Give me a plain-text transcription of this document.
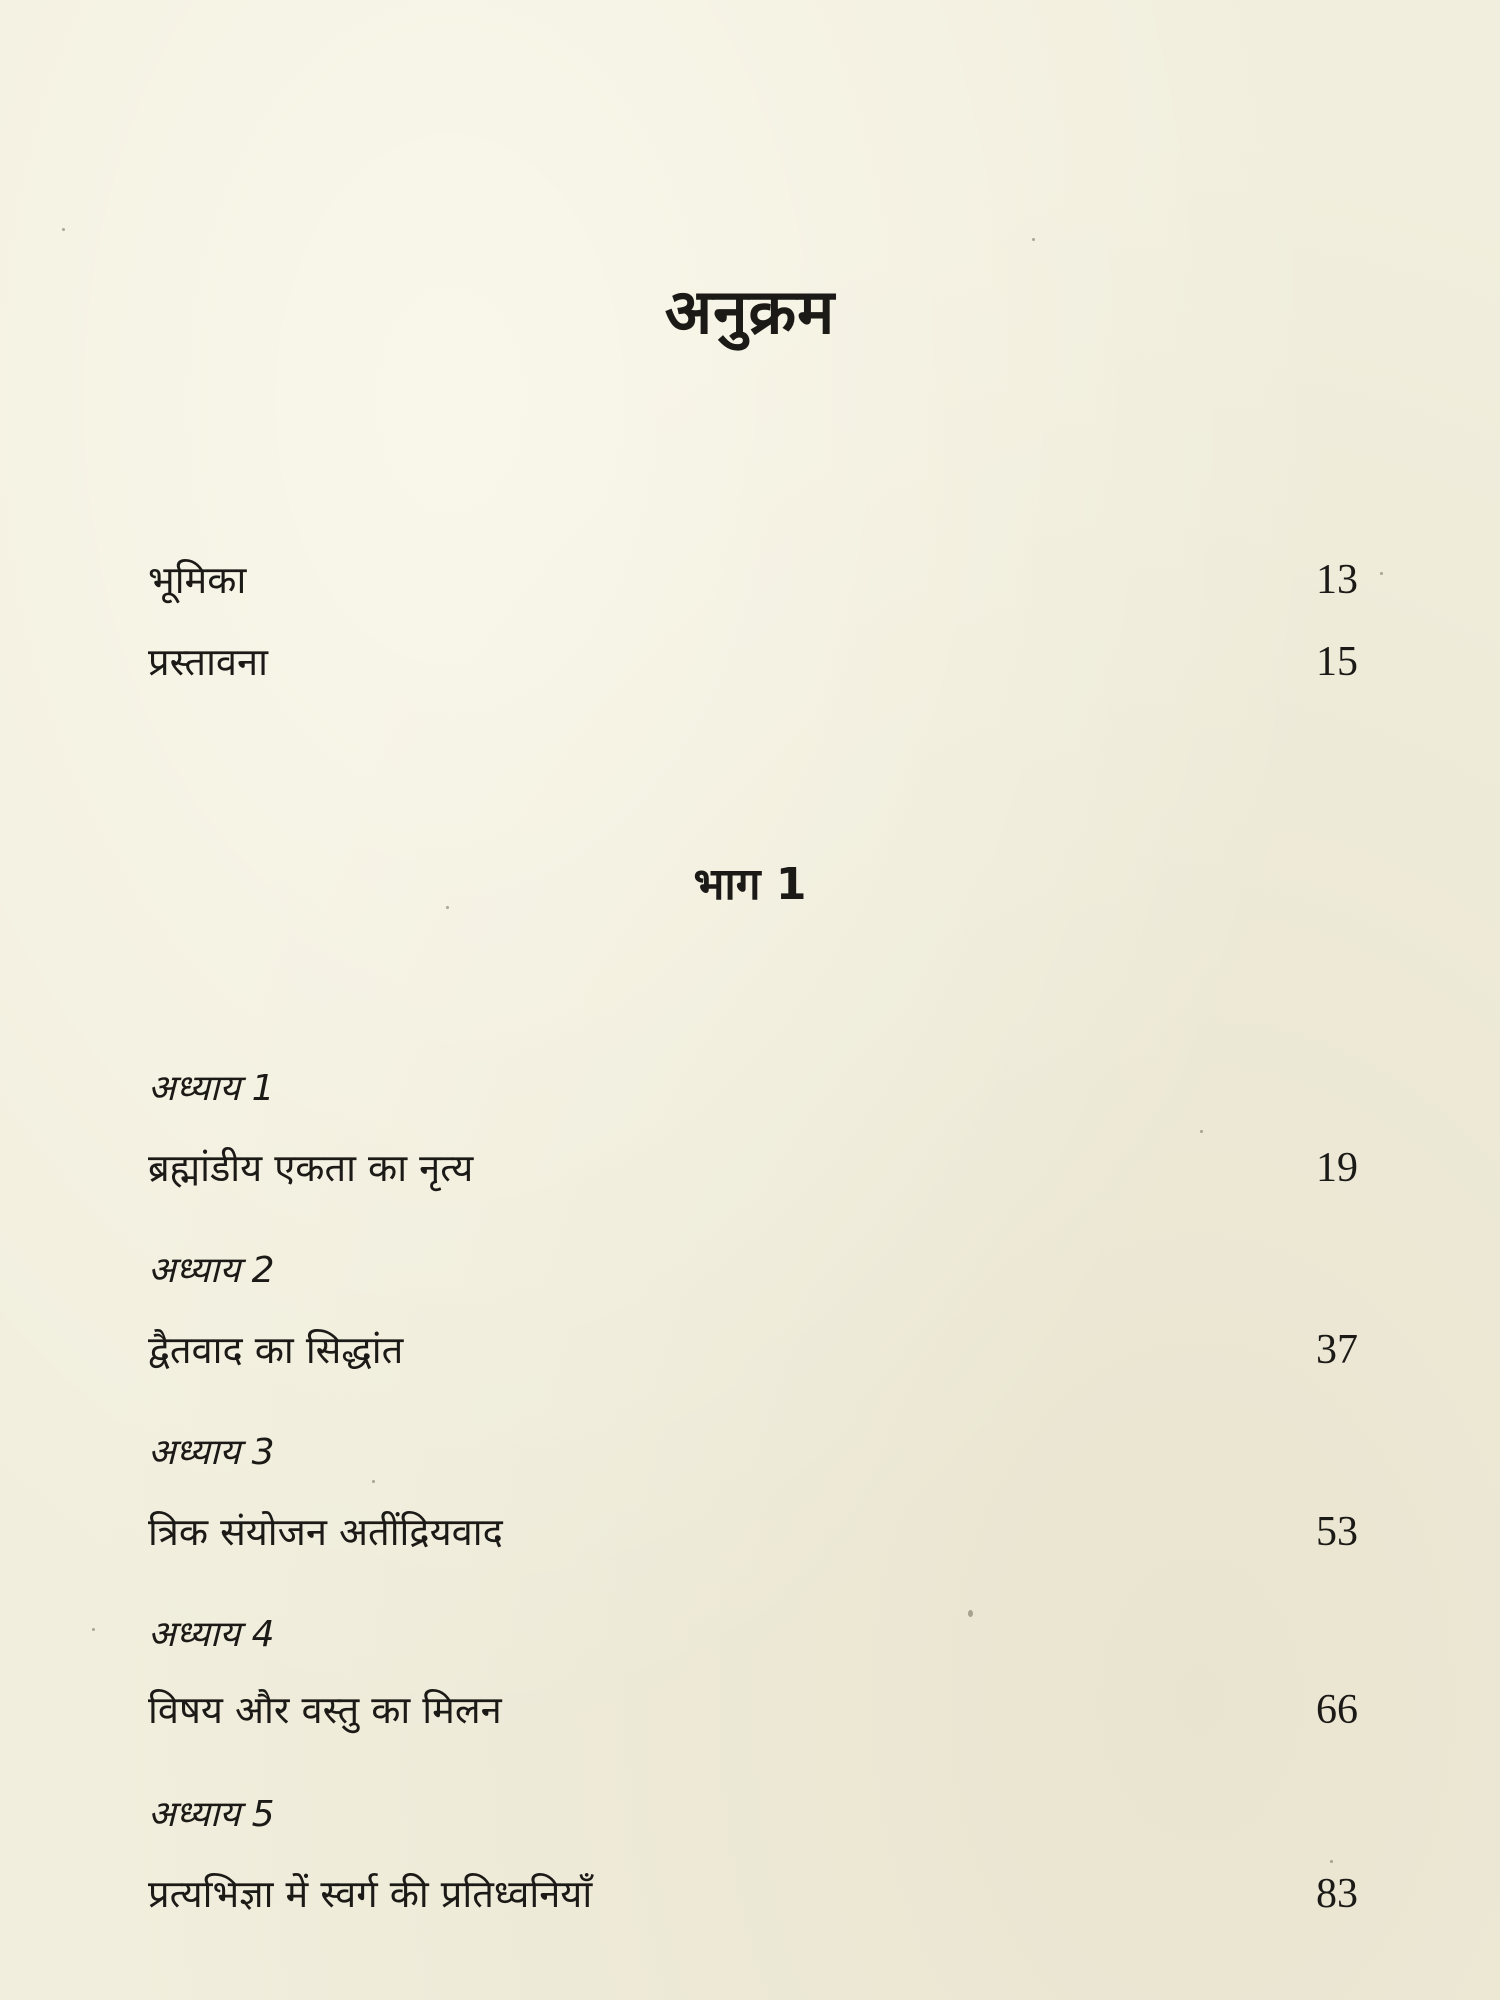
अनुक्रम
भूमिका	13
प्रस्तावना	15
भाग 1
अध्याय 1
ब्रह्मांडीय एकता का नृत्य	19
अध्याय 2
द्वैतवाद का सिद्धांत	37
अध्याय 3
त्रिक संयोजन अतींद्रियवाद	53
अध्याय 4
विषय और वस्तु का मिलन	66
अध्याय 5
प्रत्यभिज्ञा में स्वर्ग की प्रतिध्वनियाँ	83
